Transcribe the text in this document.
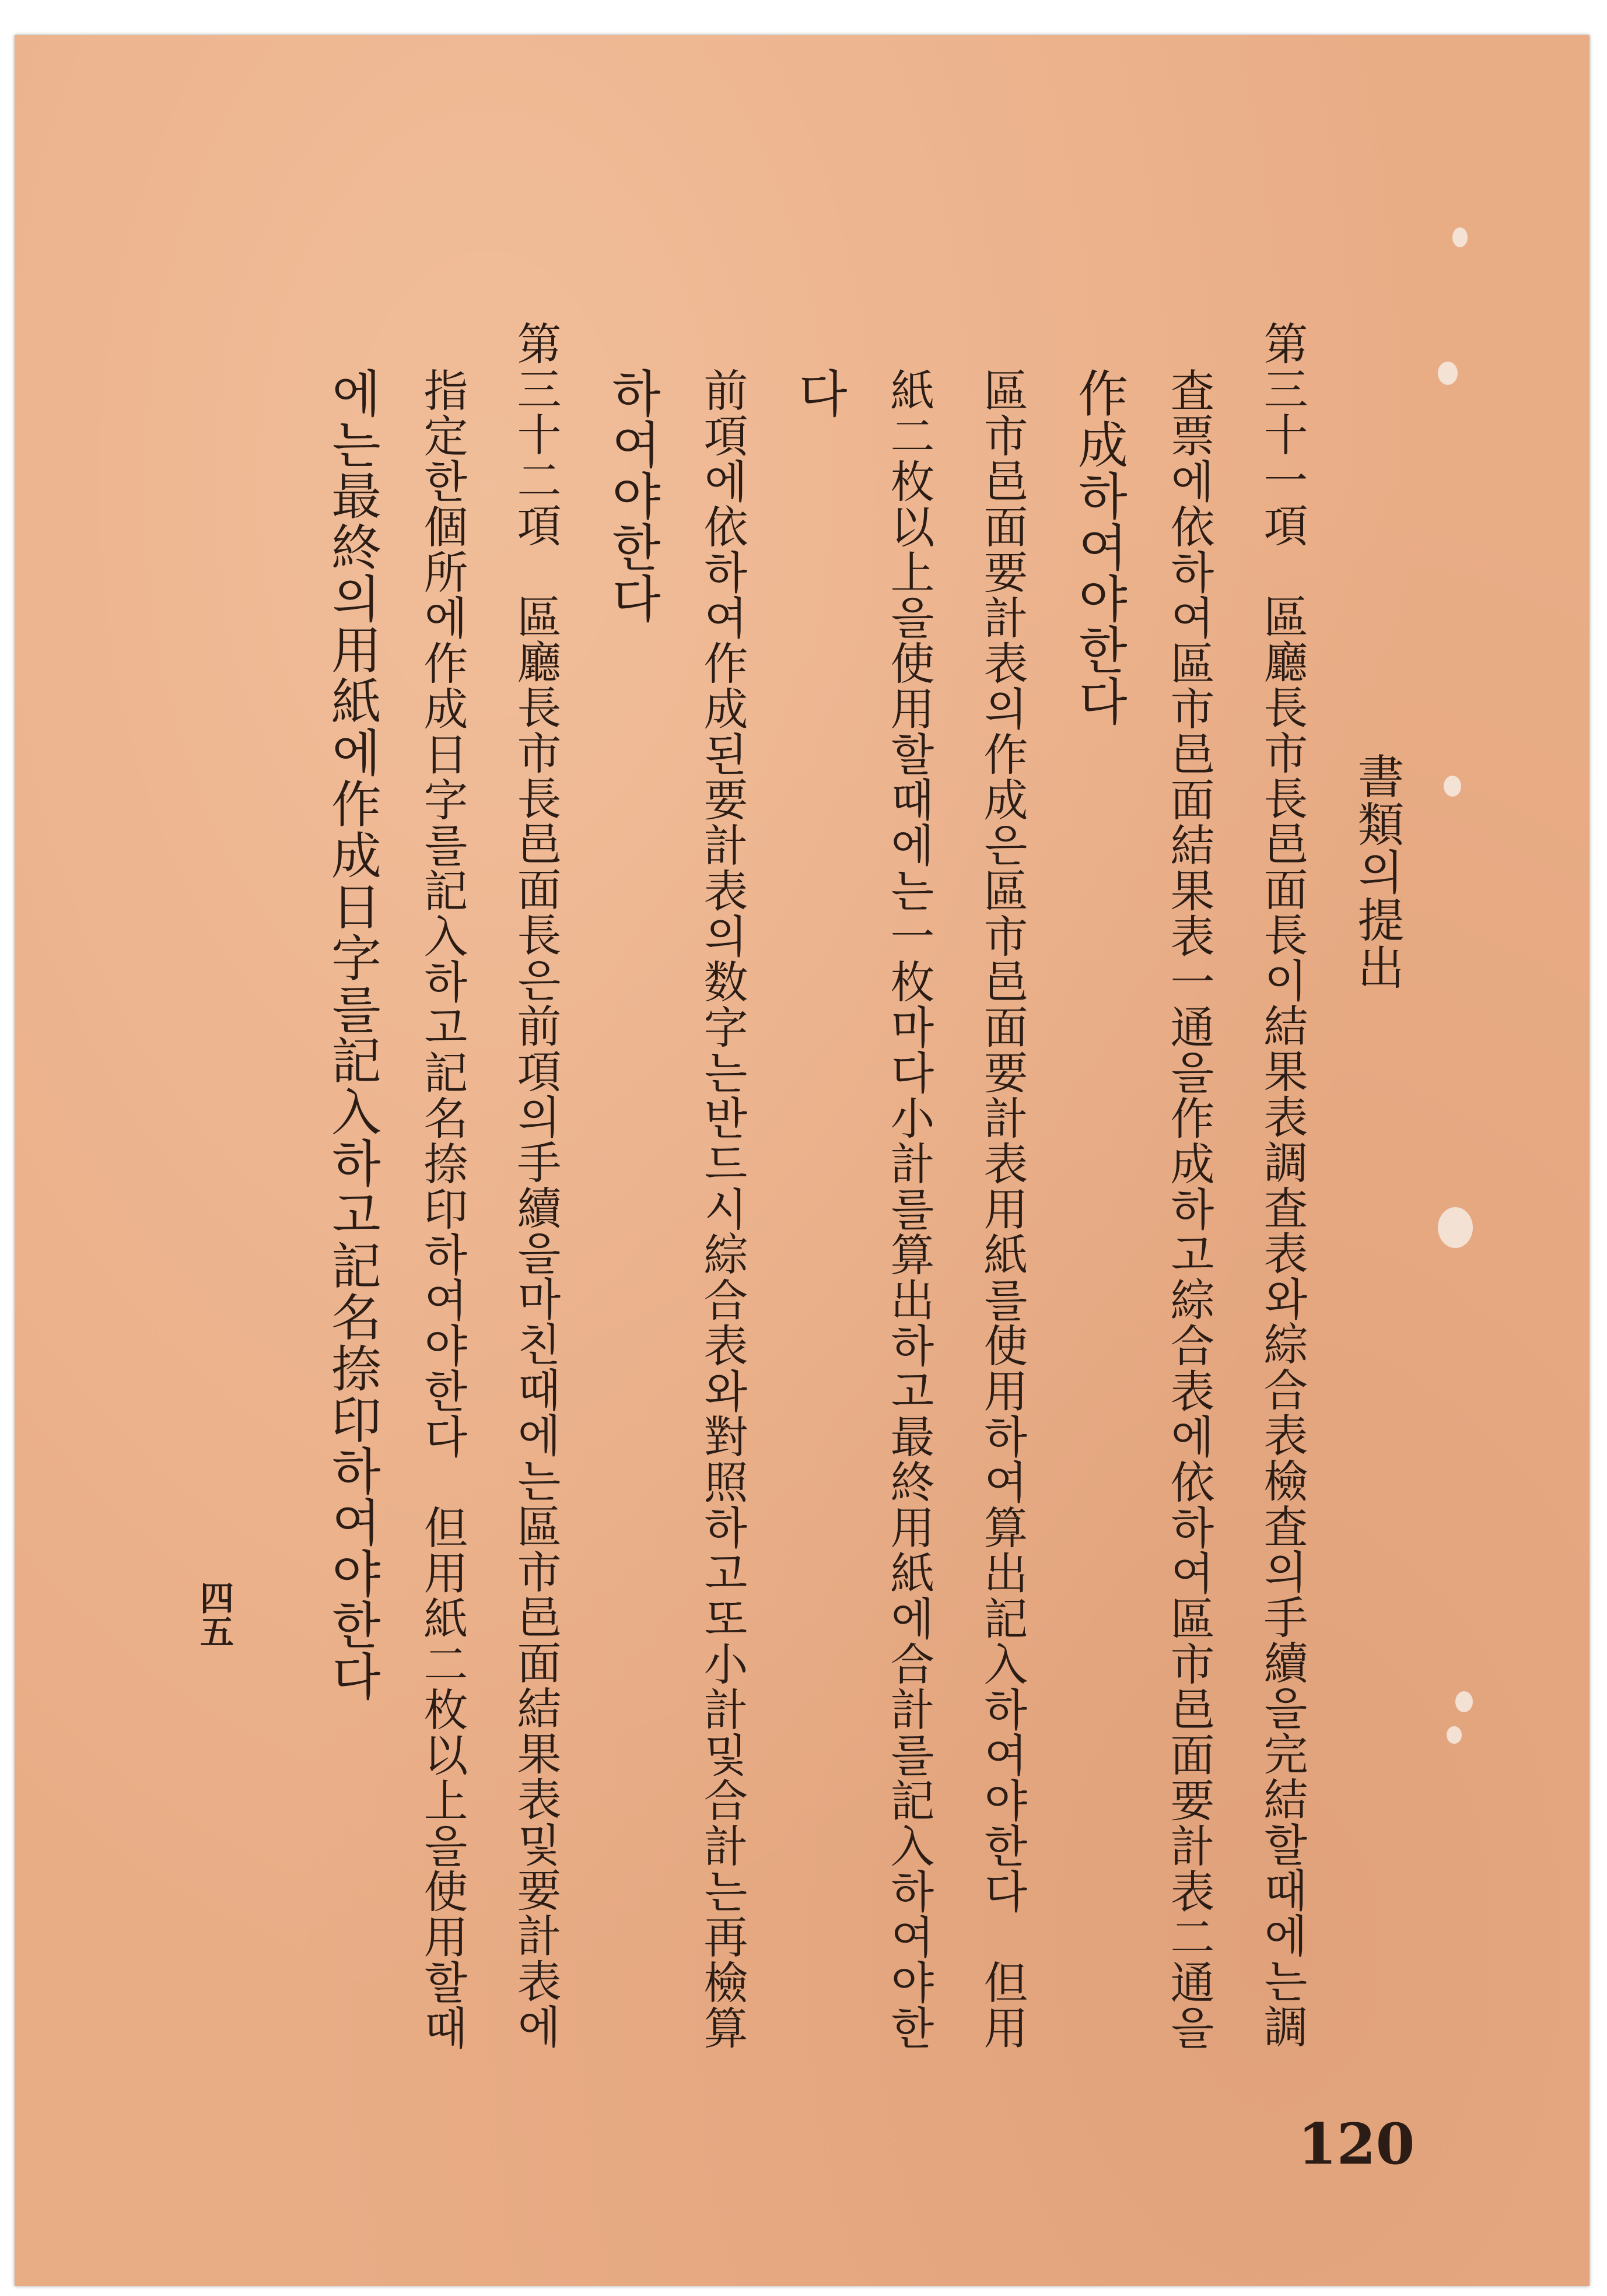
書類의提出
第三十一項　區廳長市長邑面長이結果表調査表와綜合表檢査의手續을完結할때에는調
査票에依하여區市邑面結果表一通을作成하고綜合表에依하여區市邑面要計表二通을
作成하여야한다
區市邑面要計表의作成은區市邑面要計表用紙를使用하여算出記入하여야한다　但用
紙二枚以上을使用할때에는一枚마다小計를算出하고最終用紙에合計를記入하여야한
다
前項에依하여作成된要計表의数字는반드시綜合表와對照하고또小計및合計는再檢算
하여야한다
第三十二項　區廳長市長邑面長은前項의手續을마친때에는區市邑面結果表및要計表에
指定한個所에作成日字를記入하고記名捺印하여야한다　但用紙二枚以上을使用할때
에는最終의用紙에作成日字를記入하고記名捺印하여야한다
四五
120
